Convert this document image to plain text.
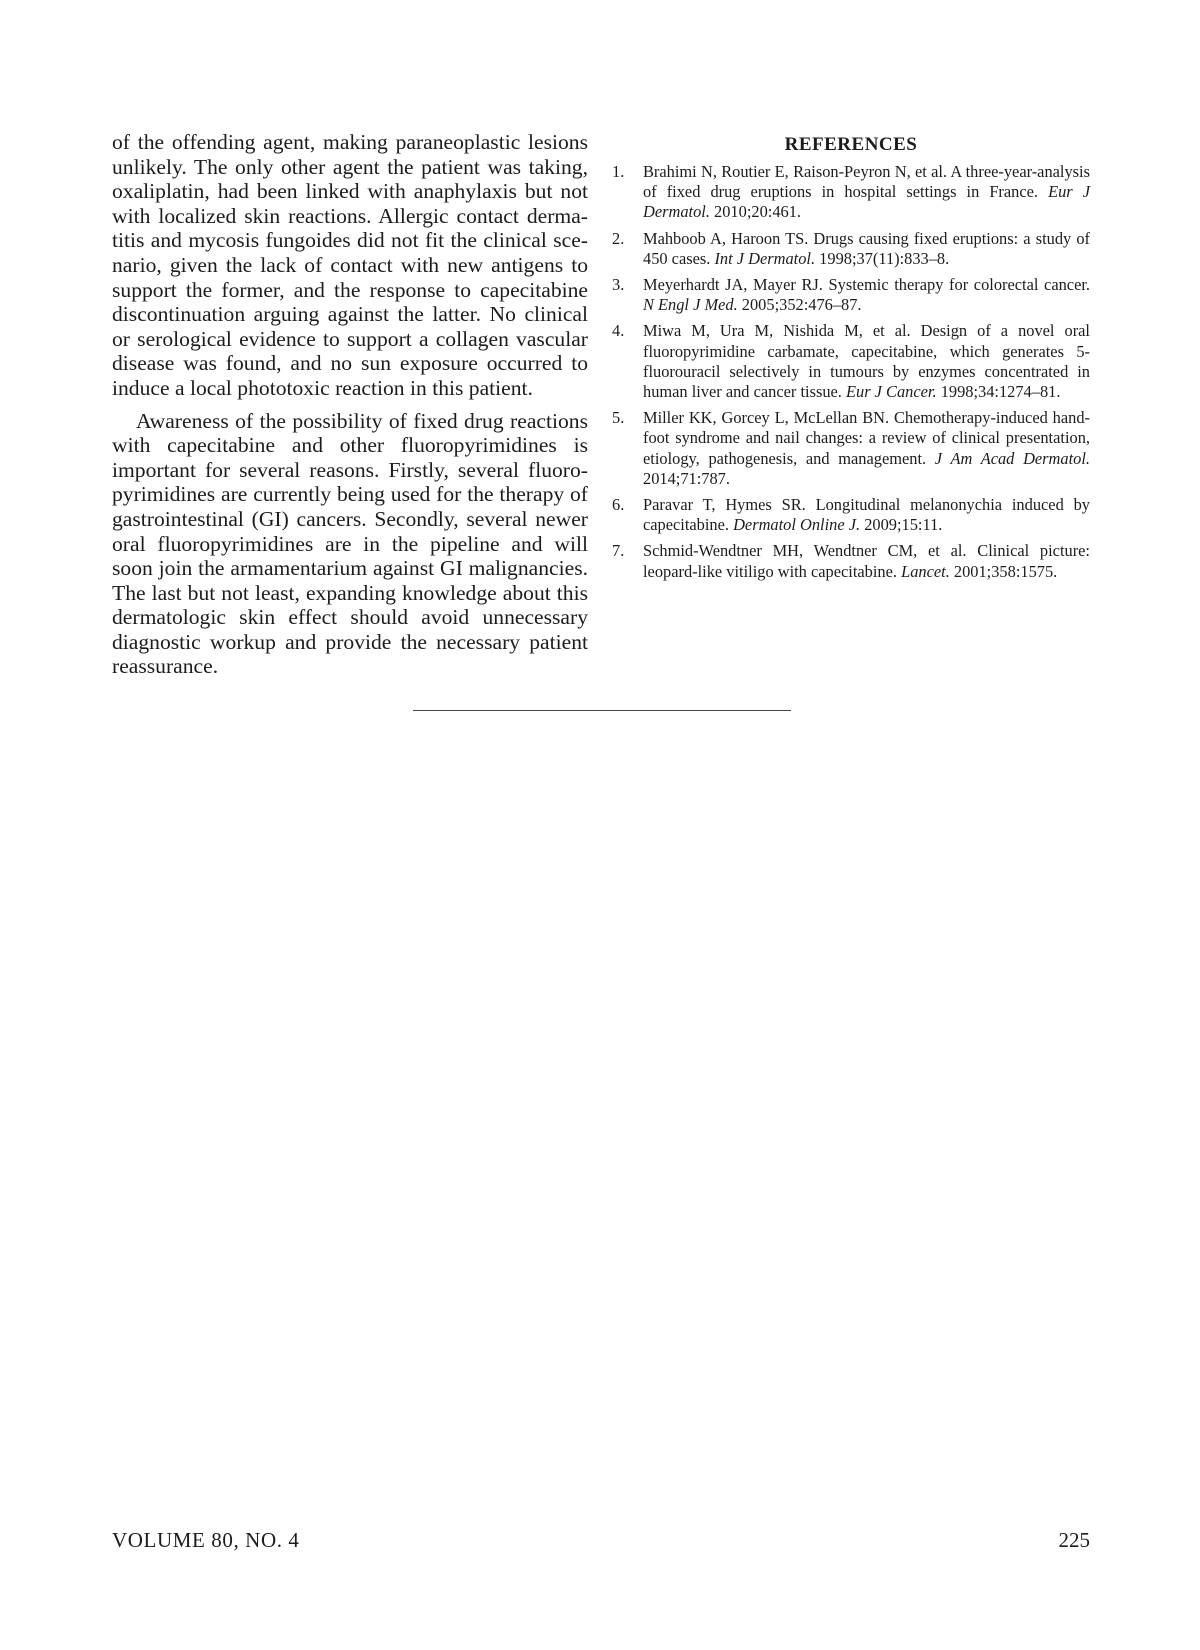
of the offending agent, making paraneoplastic lesions unlikely. The only other agent the patient was taking, oxaliplatin, had been linked with anaphylaxis but not with localized skin reactions. Allergic contact dermatitis and mycosis fungoides did not fit the clinical scenario, given the lack of contact with new antigens to support the former, and the response to capecitabine discontinuation arguing against the latter. No clinical or serological evidence to support a collagen vascular disease was found, and no sun exposure occurred to induce a local phototoxic reaction in this patient.

Awareness of the possibility of fixed drug reactions with capecitabine and other fluoropyrimidines is important for several reasons. Firstly, several fluoropyrimidines are currently being used for the therapy of gastrointestinal (GI) cancers. Secondly, several newer oral fluoropyrimidines are in the pipeline and will soon join the armamentarium against GI malignancies. The last but not least, expanding knowledge about this dermatologic skin effect should avoid unnecessary diagnostic workup and provide the necessary patient reassurance.

REFERENCES
1.	Brahimi N, Routier E, Raison-Peyron N, et al. A three-year-analysis of fixed drug eruptions in hospital settings in France. Eur J Dermatol. 2010;20:461.
2.	Mahboob A, Haroon TS. Drugs causing fixed eruptions: a study of 450 cases. Int J Dermatol. 1998;37(11):833–8.
3.	Meyerhardt JA, Mayer RJ. Systemic therapy for colorectal cancer. N Engl J Med. 2005;352:476–87.
4.	Miwa M, Ura M, Nishida M, et al. Design of a novel oral fluoropyrimidine carbamate, capecitabine, which generates 5-fluorouracil selectively in tumours by enzymes concentrated in human liver and cancer tissue. Eur J Cancer. 1998;34:1274–81.
5.	Miller KK, Gorcey L, McLellan BN. Chemotherapy-induced hand-foot syndrome and nail changes: a review of clinical presentation, etiology, pathogenesis, and management. J Am Acad Dermatol. 2014;71:787.
6.	Paravar T, Hymes SR. Longitudinal melanonychia induced by capecitabine. Dermatol Online J. 2009;15:11.
7.	Schmid-Wendtner MH, Wendtner CM, et al. Clinical picture: leopard-like vitiligo with capecitabine. Lancet. 2001;358:1575.
VOLUME 80, NO. 4	225
